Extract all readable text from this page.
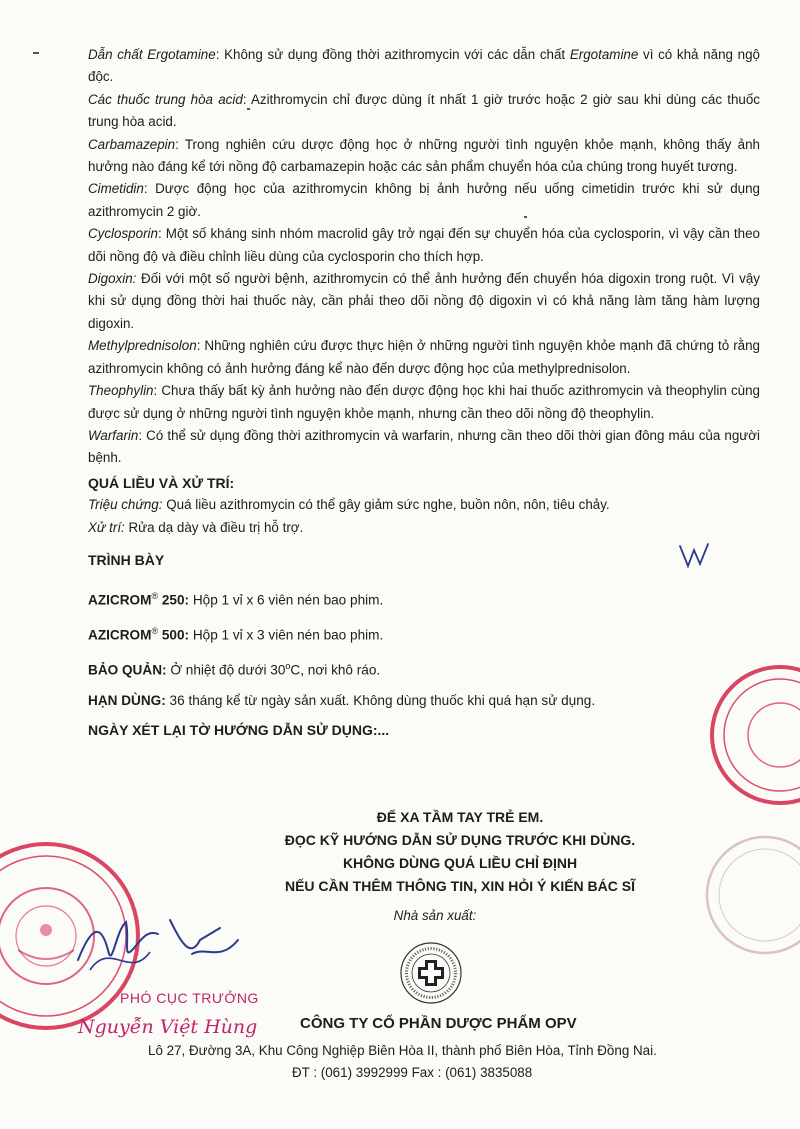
Dẫn chất Ergotamine: Không sử dụng đồng thời azithromycin với các dẫn chất Ergotamine vì có khả năng ngộ độc.

Các thuốc trung hòa acid: Azithromycin chỉ được dùng ít nhất 1 giờ trước hoặc 2 giờ sau khi dùng các thuốc trung hòa acid.

Carbamazepin: Trong nghiên cứu dược động học ở những người tình nguyện khỏe mạnh, không thấy ảnh hưởng nào đáng kể tới nồng độ carbamazepin hoặc các sản phẩm chuyển hóa của chúng trong huyết tương.

Cimetidin: Dược động học của azithromycin không bị ảnh hưởng nếu uống cimetidin trước khi sử dụng azithromycin 2 giờ.

Cyclosporin: Một số kháng sinh nhóm macrolid gây trở ngại đến sự chuyển hóa của cyclosporin, vì vậy cần theo dõi nồng độ và điều chỉnh liều dùng của cyclosporin cho thích hợp.

Digoxin: Đối với một số người bệnh, azithromycin có thể ảnh hưởng đến chuyển hóa digoxin trong ruột. Vì vậy khi sử dụng đồng thời hai thuốc này, cần phải theo dõi nồng độ digoxin vì có khả năng làm tăng hàm lượng digoxin.

Methylprednisolon: Những nghiên cứu được thực hiện ở những người tình nguyện khỏe mạnh đã chứng tỏ rằng azithromycin không có ảnh hưởng đáng kể nào đến dược động học của methylprednisolon.

Theophylin: Chưa thấy bất kỳ ảnh hưởng nào đến dược động học khi hai thuốc azithromycin và theophylin cùng được sử dụng ở những người tình nguyện khỏe mạnh, nhưng cần theo dõi nồng độ theophylin.

Warfarin: Có thể sử dụng đồng thời azithromycin và warfarin, nhưng cần theo dõi thời gian đông máu của người bệnh.

QUÁ LIỀU VÀ XỬ TRÍ:

Triệu chứng: Quá liều azithromycin có thể gây giảm sức nghe, buồn nôn, nôn, tiêu chảy.

Xử trí: Rửa dạ dày và điều trị hỗ trợ.

TRÌNH BÀY

AZICROM® 250: Hộp 1 vỉ x 6 viên nén bao phim.

AZICROM® 500: Hộp 1 vỉ x 3 viên nén bao phim.

BẢO QUẢN: Ở nhiệt độ dưới 30$^o$C, nơi khô ráo.

HẠN DÙNG: 36 tháng kể từ ngày sản xuất. Không dùng thuốc khi quá hạn sử dụng.

NGÀY XÉT LẠI TỜ HƯỚNG DẪN SỬ DỤNG:...

ĐỂ XA TẦM TAY TRẺ EM.
ĐỌC KỸ HƯỚNG DẪN SỬ DỤNG TRƯỚC KHI DÙNG.
KHÔNG DÙNG QUÁ LIỀU CHỈ ĐỊNH
NẾU CẦN THÊM THÔNG TIN, XIN HỎI Ý KIẾN BÁC SĨ
Nhà sản xuất:
CÔNG TY CỔ PHẦN DƯỢC PHẨM OPV
Lô 27, Đường 3A, Khu Công Nghiệp Biên Hòa II, thành phố Biên Hòa, Tỉnh Đồng Nai.
ĐT : (061) 3992999 Fax : (061) 3835088
PHÓ CỤC TRƯỞNG
Nguyễn Việt Hùng
